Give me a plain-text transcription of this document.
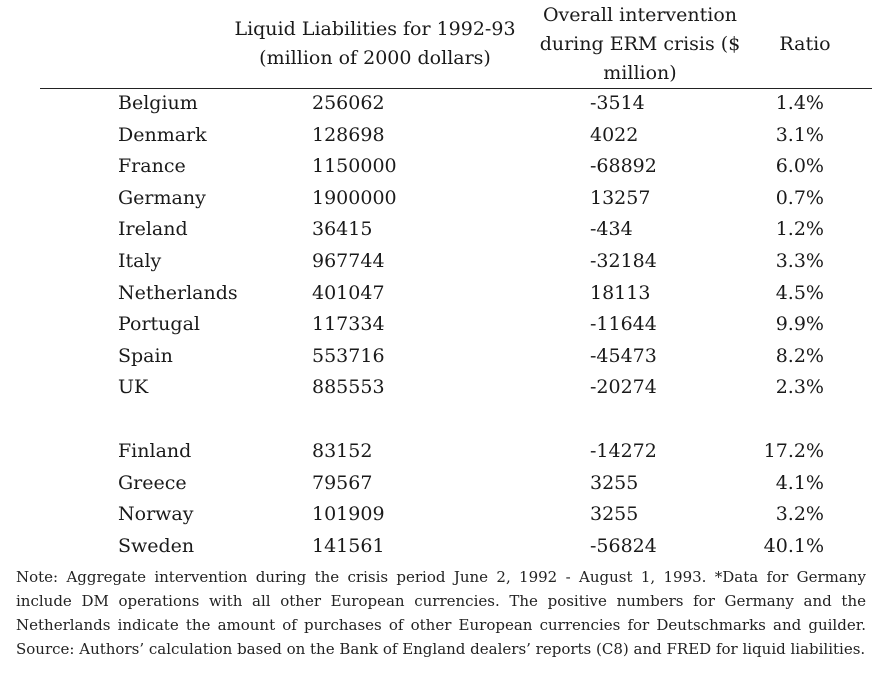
Liquid Liabilities for 1992-93
(million of 2000 dollars)
Overall intervention
during ERM crisis ($
million)
Ratio
Belgium	256062	-3514	1.4%
Denmark	128698	4022	3.1%
France	1150000	-68892	6.0%
Germany	1900000	13257	0.7%
Ireland	36415	-434	1.2%
Italy	967744	-32184	3.3%
Netherlands	401047	18113	4.5%
Portugal	117334	-11644	9.9%
Spain	553716	-45473	8.2%
UK	885553	-20274	2.3%
Finland	83152	-14272	17.2%
Greece	79567	3255	4.1%
Norway	101909	3255	3.2%
Sweden	141561	-56824	40.1%
Note: Aggregate intervention during the crisis period June 2, 1992 - August 1, 1993. *Data for Germany include DM operations with all other European currencies. The positive numbers for Germany and the Netherlands indicate the amount of purchases of other European currencies for Deutschmarks and guilder. Source: Authors’ calculation based on the Bank of England dealers’ reports (C8) and FRED for liquid liabilities.
